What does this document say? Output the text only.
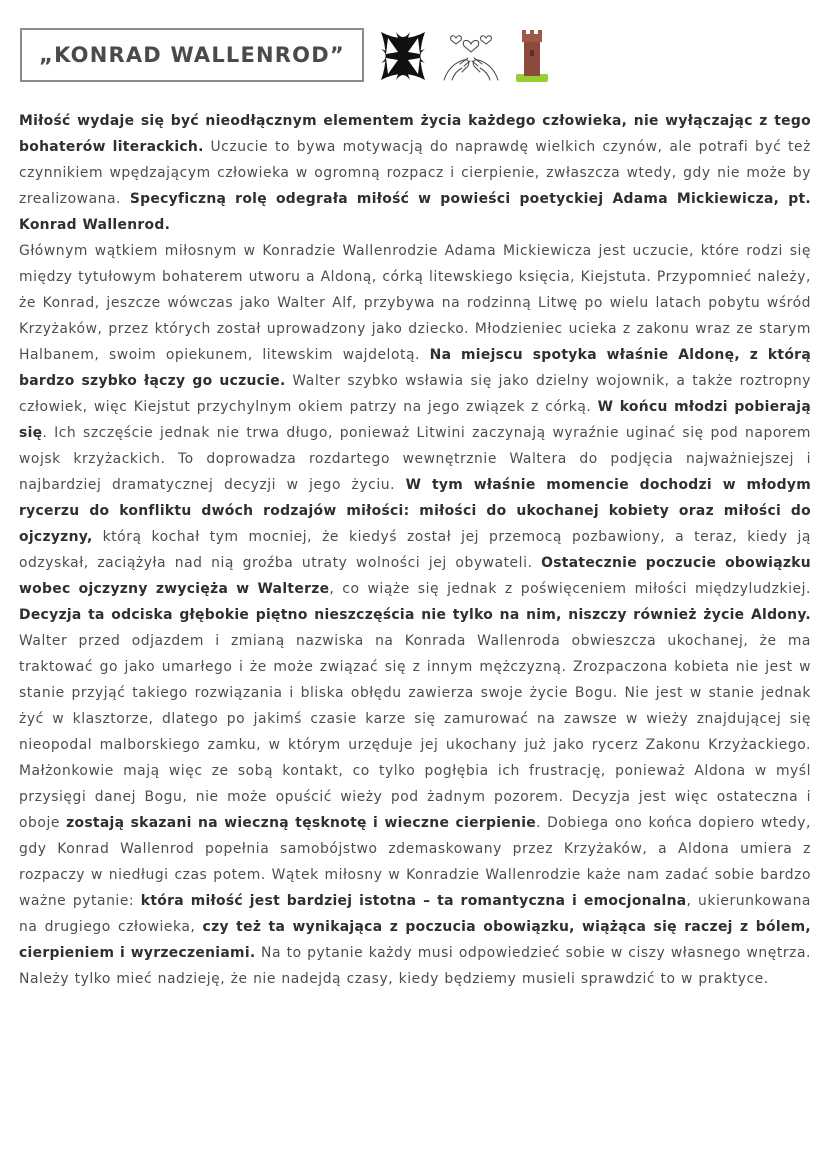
„KONRAD WALLENROD”

Miłość wydaje się być nieodłącznym elementem życia każdego człowieka, nie wyłączając z tego bohaterów literackich. Uczucie to bywa motywacją do naprawdę wielkich czynów, ale potrafi być też czynnikiem wpędzającym człowieka w ogromną rozpacz i cierpienie, zwłaszcza wtedy, gdy nie może by zrealizowana. Specyficzną rolę odegrała miłość w powieści poetyckiej Adama Mickiewicza, pt. Konrad Wallenrod.

Głównym wątkiem miłosnym w Konradzie Wallenrodzie Adama Mickiewicza jest uczucie, które rodzi się między tytułowym bohaterem utworu a Aldoną, córką litewskiego księcia, Kiejstuta. Przypomnieć należy, że Konrad, jeszcze wówczas jako Walter Alf, przybywa na rodzinną Litwę po wielu latach pobytu wśród Krzyżaków, przez których został uprowadzony jako dziecko. Młodzieniec ucieka z zakonu wraz ze starym Halbanem, swoim opiekunem, litewskim wajdelotą. Na miejscu spotyka właśnie Aldonę, z którą bardzo szybko łączy go uczucie. Walter szybko wsławia się jako dzielny wojownik, a także roztropny człowiek, więc Kiejstut przychylnym okiem patrzy na jego związek z córką. W końcu młodzi pobierają się. Ich szczęście jednak nie trwa długo, ponieważ Litwini zaczynają wyraźnie uginać się pod naporem wojsk krzyżackich. To doprowadza rozdartego wewnętrznie Waltera do podjęcia najważniejszej i najbardziej dramatycznej decyzji w jego życiu. W tym właśnie momencie dochodzi w młodym rycerzu do konfliktu dwóch rodzajów miłości: miłości do ukochanej kobiety oraz miłości do ojczyzny, którą kochał tym mocniej, że kiedyś został jej przemocą pozbawiony, a teraz, kiedy ją odzyskał, zaciążyła nad nią groźba utraty wolności jej obywateli. Ostatecznie poczucie obowiązku wobec ojczyzny zwycięża w Walterze, co wiąże się jednak z poświęceniem miłości międzyludzkiej. Decyzja ta odciska głębokie piętno nieszczęścia nie tylko na nim, niszczy również życie Aldony. Walter przed odjazdem i zmianą nazwiska na Konrada Wallenroda obwieszcza ukochanej, że ma traktować go jako umarłego i że może związać się z innym mężczyzną. Zrozpaczona kobieta nie jest w stanie przyjąć takiego rozwiązania i bliska obłędu zawierza swoje życie Bogu. Nie jest w stanie jednak żyć w klasztorze, dlatego po jakimś czasie karze się zamurować na zawsze w wieży znajdującej się nieopodal malborskiego zamku, w którym urzęduje jej ukochany już jako rycerz Zakonu Krzyżackiego. Małżonkowie mają więc ze sobą kontakt, co tylko pogłębia ich frustrację, ponieważ Aldona w myśl przysięgi danej Bogu, nie może opuścić wieży pod żadnym pozorem. Decyzja jest więc ostateczna i oboje zostają skazani na wieczną tęsknotę i wieczne cierpienie. Dobiega ono końca dopiero wtedy, gdy Konrad Wallenrod popełnia samobójstwo zdemaskowany przez Krzyżaków, a Aldona umiera z rozpaczy w niedługi czas potem. Wątek miłosny w Konradzie Wallenrodzie każe nam zadać sobie bardzo ważne pytanie: która miłość jest bardziej istotna – ta romantyczna i emocjonalna, ukierunkowana na drugiego człowieka, czy też ta wynikająca z poczucia obowiązku, wiążąca się raczej z bólem, cierpieniem i wyrzeczeniami. Na to pytanie każdy musi odpowiedzieć sobie w ciszy własnego wnętrza. Należy tylko mieć nadzieję, że nie nadejdą czasy, kiedy będziemy musieli sprawdzić to w praktyce.
